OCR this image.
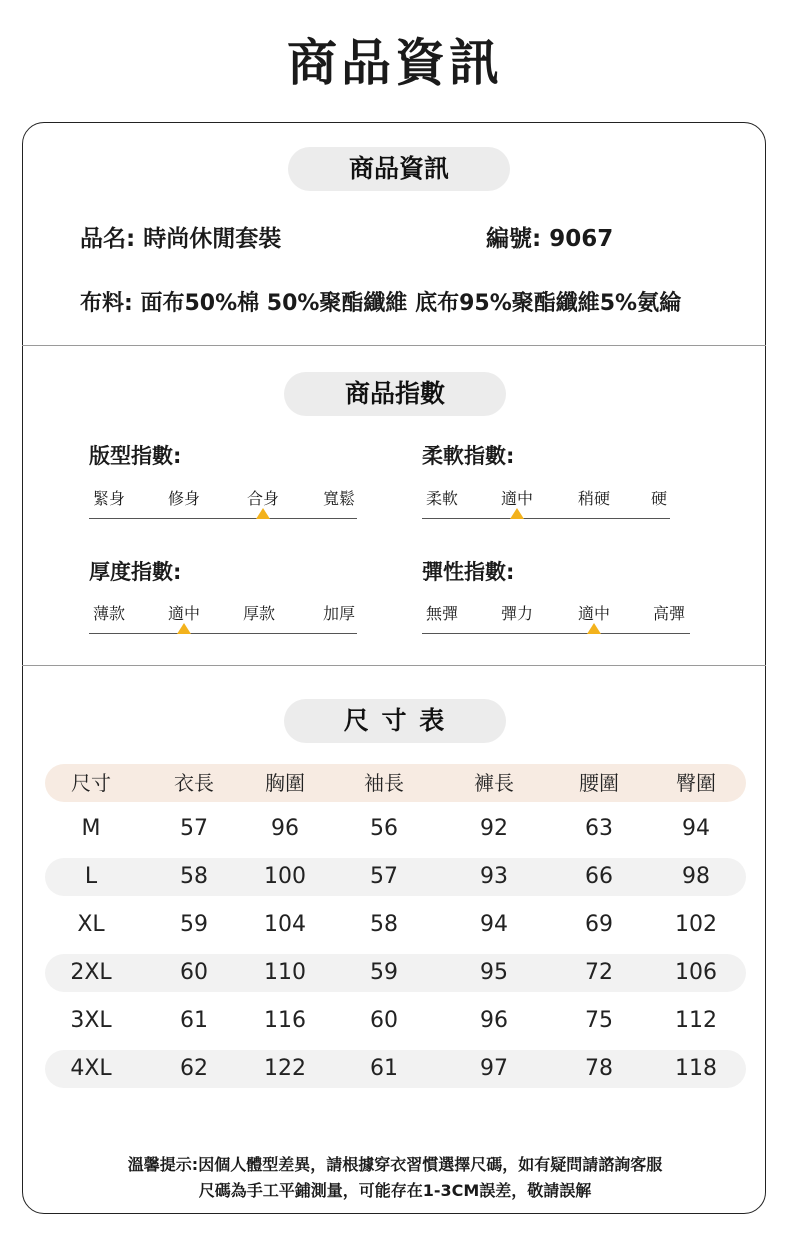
商品資訊
商品資訊
品名: 時尚休閒套裝	編號: 9067
布料: 面布50%棉 50%聚酯纖維 底布95%聚酯纖維5%氨綸
商品指數
版型指數:
緊身	修身	合身	寬鬆
柔軟指數:
柔軟	適中	稍硬	硬
厚度指數:
薄款	適中	厚款	加厚
彈性指數:
無彈	彈力	適中	高彈
尺 寸 表
尺寸	衣長	胸圍	袖長	褲長	腰圍	臀圍
M	57	96	56	92	63	94
L	58	100	57	93	66	98
XL	59	104	58	94	69	102
2XL	60	110	59	95	72	106
3XL	61	116	60	96	75	112
4XL	62	122	61	97	78	118
溫馨提示:因個人體型差異，請根據穿衣習慣選擇尺碼，如有疑問請諮詢客服
尺碼為手工平鋪測量，可能存在1-3CM誤差，敬請誤解
